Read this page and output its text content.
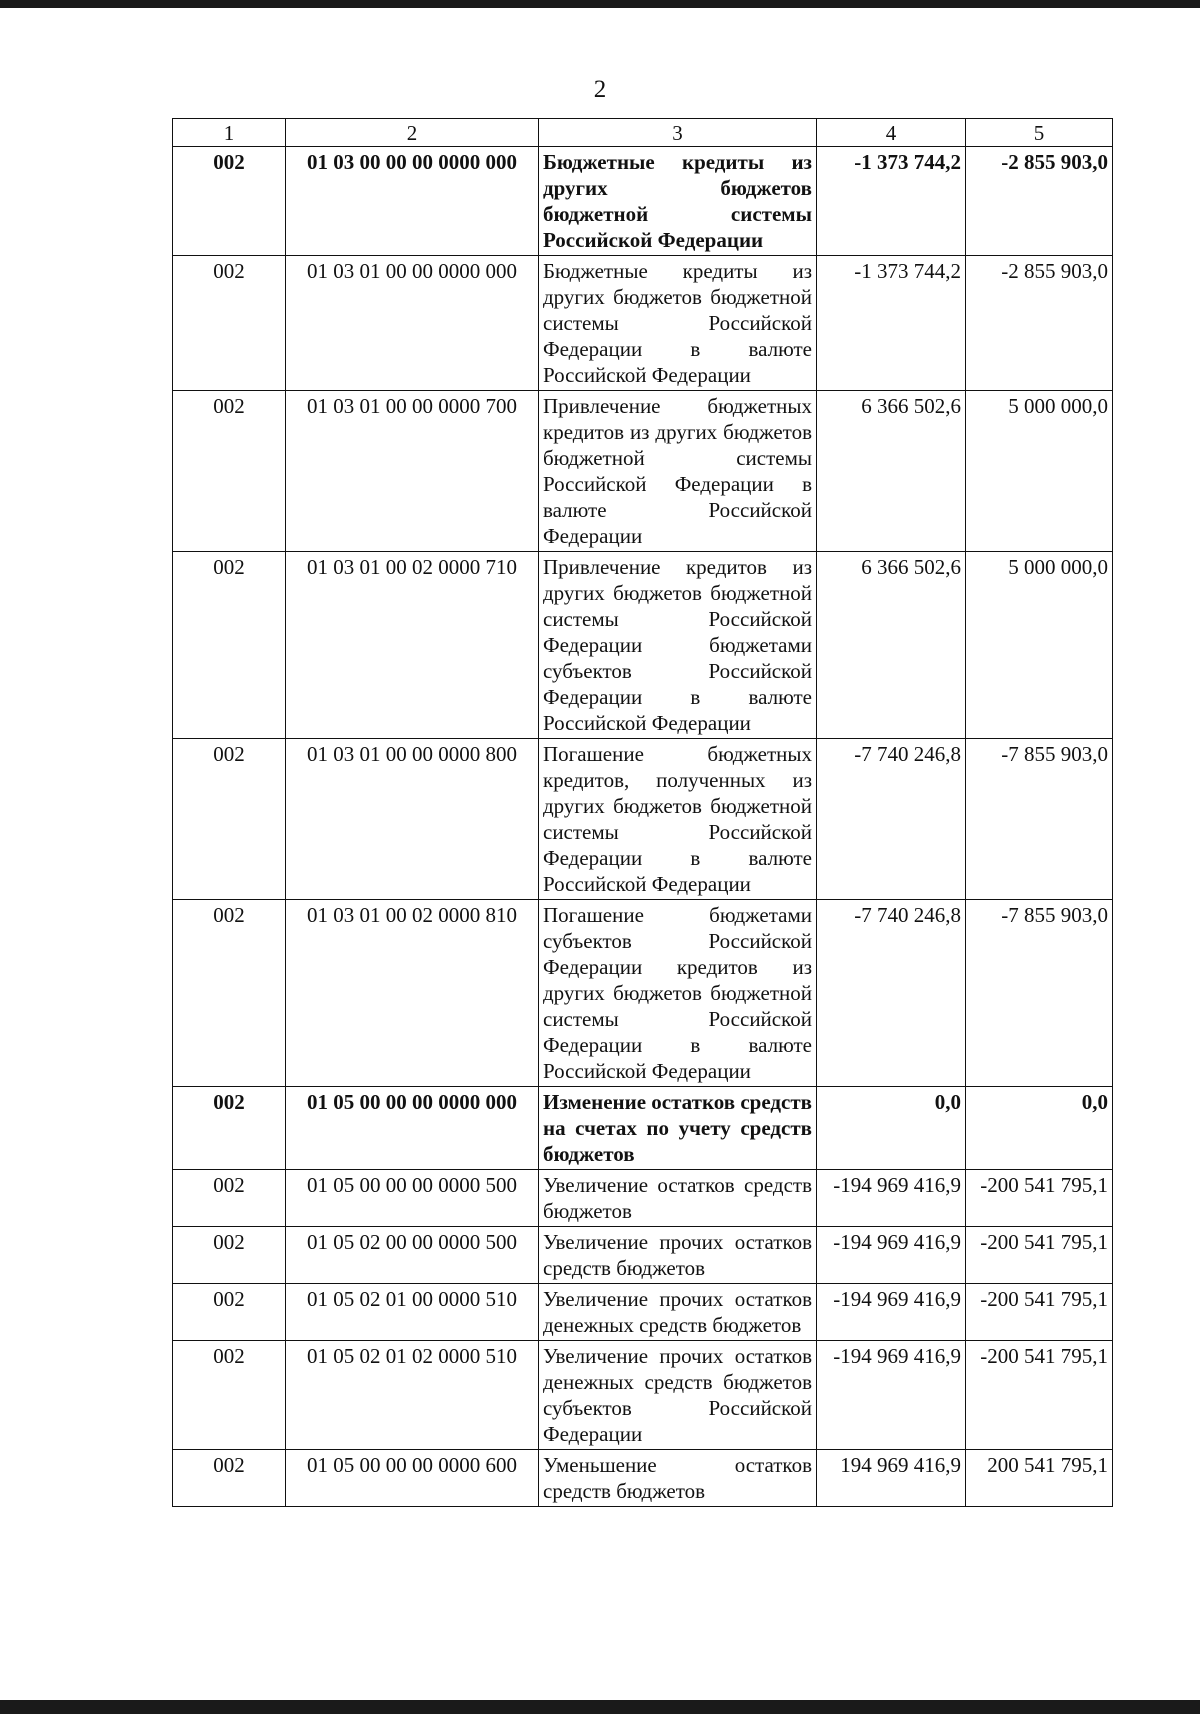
2
1	2	3	4	5
002	01 03 00 00 00 0000 000	Бюджетные кредиты из других бюджетов бюджетной системы Российской Федерации	-1 373 744,2	-2 855 903,0
002	01 03 01 00 00 0000 000	Бюджетные кредиты из других бюджетов бюджетной системы Российской Федерации в валюте Российской Федерации	-1 373 744,2	-2 855 903,0
002	01 03 01 00 00 0000 700	Привлечение бюджетных кредитов из других бюджетов бюджетной системы Российской Федерации в валюте Российской Федерации	6 366 502,6	5 000 000,0
002	01 03 01 00 02 0000 710	Привлечение кредитов из других бюджетов бюджетной системы Российской Федерации бюджетами субъектов Российской Федерации в валюте Российской Федерации	6 366 502,6	5 000 000,0
002	01 03 01 00 00 0000 800	Погашение бюджетных кредитов, полученных из других бюджетов бюджетной системы Российской Федерации в валюте Российской Федерации	-7 740 246,8	-7 855 903,0
002	01 03 01 00 02 0000 810	Погашение бюджетами субъектов Российской Федерации кредитов из других бюджетов бюджетной системы Российской Федерации в валюте Российской Федерации	-7 740 246,8	-7 855 903,0
002	01 05 00 00 00 0000 000	Изменение остатков средств на счетах по учету средств бюджетов	0,0	0,0
002	01 05 00 00 00 0000 500	Увеличение остатков средств бюджетов	-194 969 416,9	-200 541 795,1
002	01 05 02 00 00 0000 500	Увеличение прочих остатков средств бюджетов	-194 969 416,9	-200 541 795,1
002	01 05 02 01 00 0000 510	Увеличение прочих остатков денежных средств бюджетов	-194 969 416,9	-200 541 795,1
002	01 05 02 01 02 0000 510	Увеличение прочих остатков денежных средств бюджетов субъектов Российской Федерации	-194 969 416,9	-200 541 795,1
002	01 05 00 00 00 0000 600	Уменьшение остатков средств бюджетов	194 969 416,9	200 541 795,1
